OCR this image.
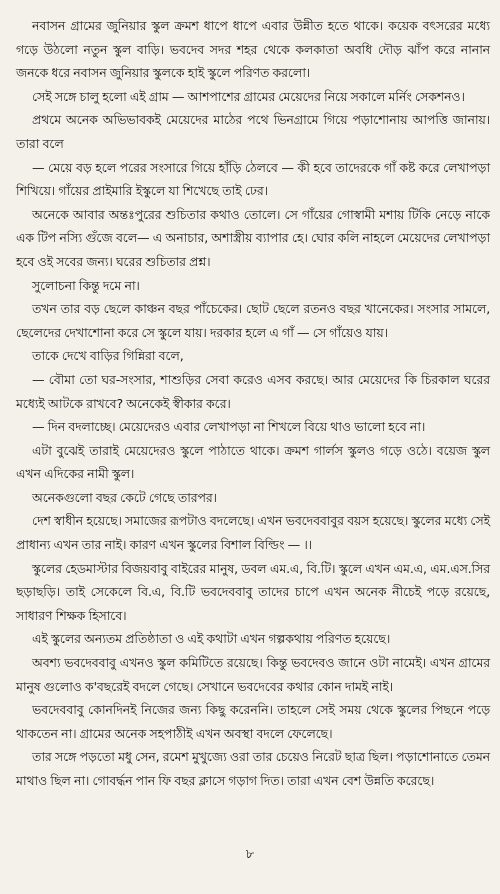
নবাসন গ্রামের জুনিয়ার স্কুল ক্রমশ ধাপে ধাপে এবার উন্নীত হতে থাকে। কয়েক বৎসরের মধ্যে গড়ে উঠলো নতুন স্কুল বাড়ি। ভবদেব সদর শহর থেকে কলকাতা অবধি দৌড় ঝাঁপ করে নানান জনকে ধরে নবাসন জুনিয়ার স্কুলকে হাই স্কুলে পরিণত করলো।

সেই সঙ্গে চালু হলো এই গ্রাম — আশপাশের গ্রামের মেয়েদের নিয়ে সকালে মর্নিং সেকশনও।

প্রথমে অনেক অভিভাবকই মেয়েদের মাঠের পথে ভিনগ্রামে গিয়ে পড়াশোনায় আপত্তি জানায়। তারা বলে

— মেয়ে বড় হলে পরের সংসারে গিয়ে হাঁড়ি ঠেলবে — কী হবে তাদেরকে গাঁ কষ্ট করে লেখাপড়া শিখিয়ে। গাঁয়ের প্রাইমারি ইস্কুলে যা শিখেছে তাই ঢের।

অনেকে আবার অন্তঃপুরের শুচিতার কথাও তোলে। সে গাঁয়ের গোস্বামী মশায় টিকি নেড়ে নাকে এক টিপ নস্যি গুঁজে বলে— এ অনাচার, অশাস্ত্রীয় ব্যাপার হে। ঘোর কলি নাহলে মেয়েদের লেখাপড়া হবে ওই সবের জন্য। ঘরের শুচিতার প্রশ্ন।

সুলোচনা কিন্তু দমে না।

তখন তার বড় ছেলে কাঞ্চন বছর পাঁচেকের। ছোট ছেলে রতনও বছর খানেকের। সংসার সামলে, ছেলেদের দেখাশোনা করে সে স্কুলে যায়। দরকার হলে এ গাঁ — সে গাঁয়েও যায়।

তাকে দেখে বাড়ির গিন্নিরা বলে,

— বৌমা তো ঘর-সংসার, শাশুড়ির সেবা করেও এসব করছে। আর মেয়েদের কি চিরকাল ঘরের মধ্যেই আটকে রাখবে? অনেকেই স্বীকার করে।

— দিন বদলাচ্ছে। মেয়েদেরও এবার লেখাপড়া না শিখলে বিয়ে থাও ভালো হবে না।

এটা বুঝেই তারাই মেয়েদেরও স্কুলে পাঠাতে থাকে। ক্রমশ গার্লস স্কুলও গড়ে ওঠে। বয়েজ স্কুল এখন এদিকের নামী স্কুল।

অনেকগুলো বছর কেটে গেছে তারপর।

দেশ স্বাধীন হয়েছে। সমাজের রূপটাও বদলেছে। এখন ভবদেববাবুর বয়স হয়েছে। স্কুলের মধ্যে সেই প্রাধান্য এখন তার নাই। কারণ এখন স্কুলের বিশাল বিল্ডিং — ।।

স্কুলের হেডমাস্টার বিজয়বাবু বাইরের মানুষ, ডবল এম.এ, বি.টি। স্কুলে এখন এম.এ, এম.এস.সির ছড়াছড়ি। তাই সেকেলে বি.এ, বি.টি ভবদেববাবু তাদের চাপে এখন অনেক নীচেই পড়ে রয়েছে, সাধারণ শিক্ষক হিসাবে।

এই স্কুলের অন্যতম প্রতিষ্ঠাতা ও এই কথাটা এখন গল্পকথায় পরিণত হয়েছে।

অবশ্য ভবদেববাবু এখনও স্কুল কমিটিতে রয়েছে। কিন্তু ভবদেবও জানে ওটা নামেই। এখন গ্রামের মানুষ গুলোও ক'বছরেই বদলে গেছে। সেখানে ভবদেবের কথার কোন দামই নাই।

ভবদেববাবু কোনদিনই নিজের জন্য কিছু করেননি। তাহলে সেই সময় থেকে স্কুলের পিছনে পড়ে থাকতেন না। গ্রামের অনেক সহপাঠীই এখন অবস্থা বদলে ফেলেছে।

তার সঙ্গে পড়তো মধু সেন, রমেশ মুখুজ্যে ওরা তার চেয়েও নিরেট ছাত্র ছিল। পড়াশোনাতে তেমন মাথাও ছিল না। গোবর্দ্ধন পান ফি বছর ক্লাসে গড়াগ দিত। তারা এখন বেশ উন্নতি করেছে।

৮
